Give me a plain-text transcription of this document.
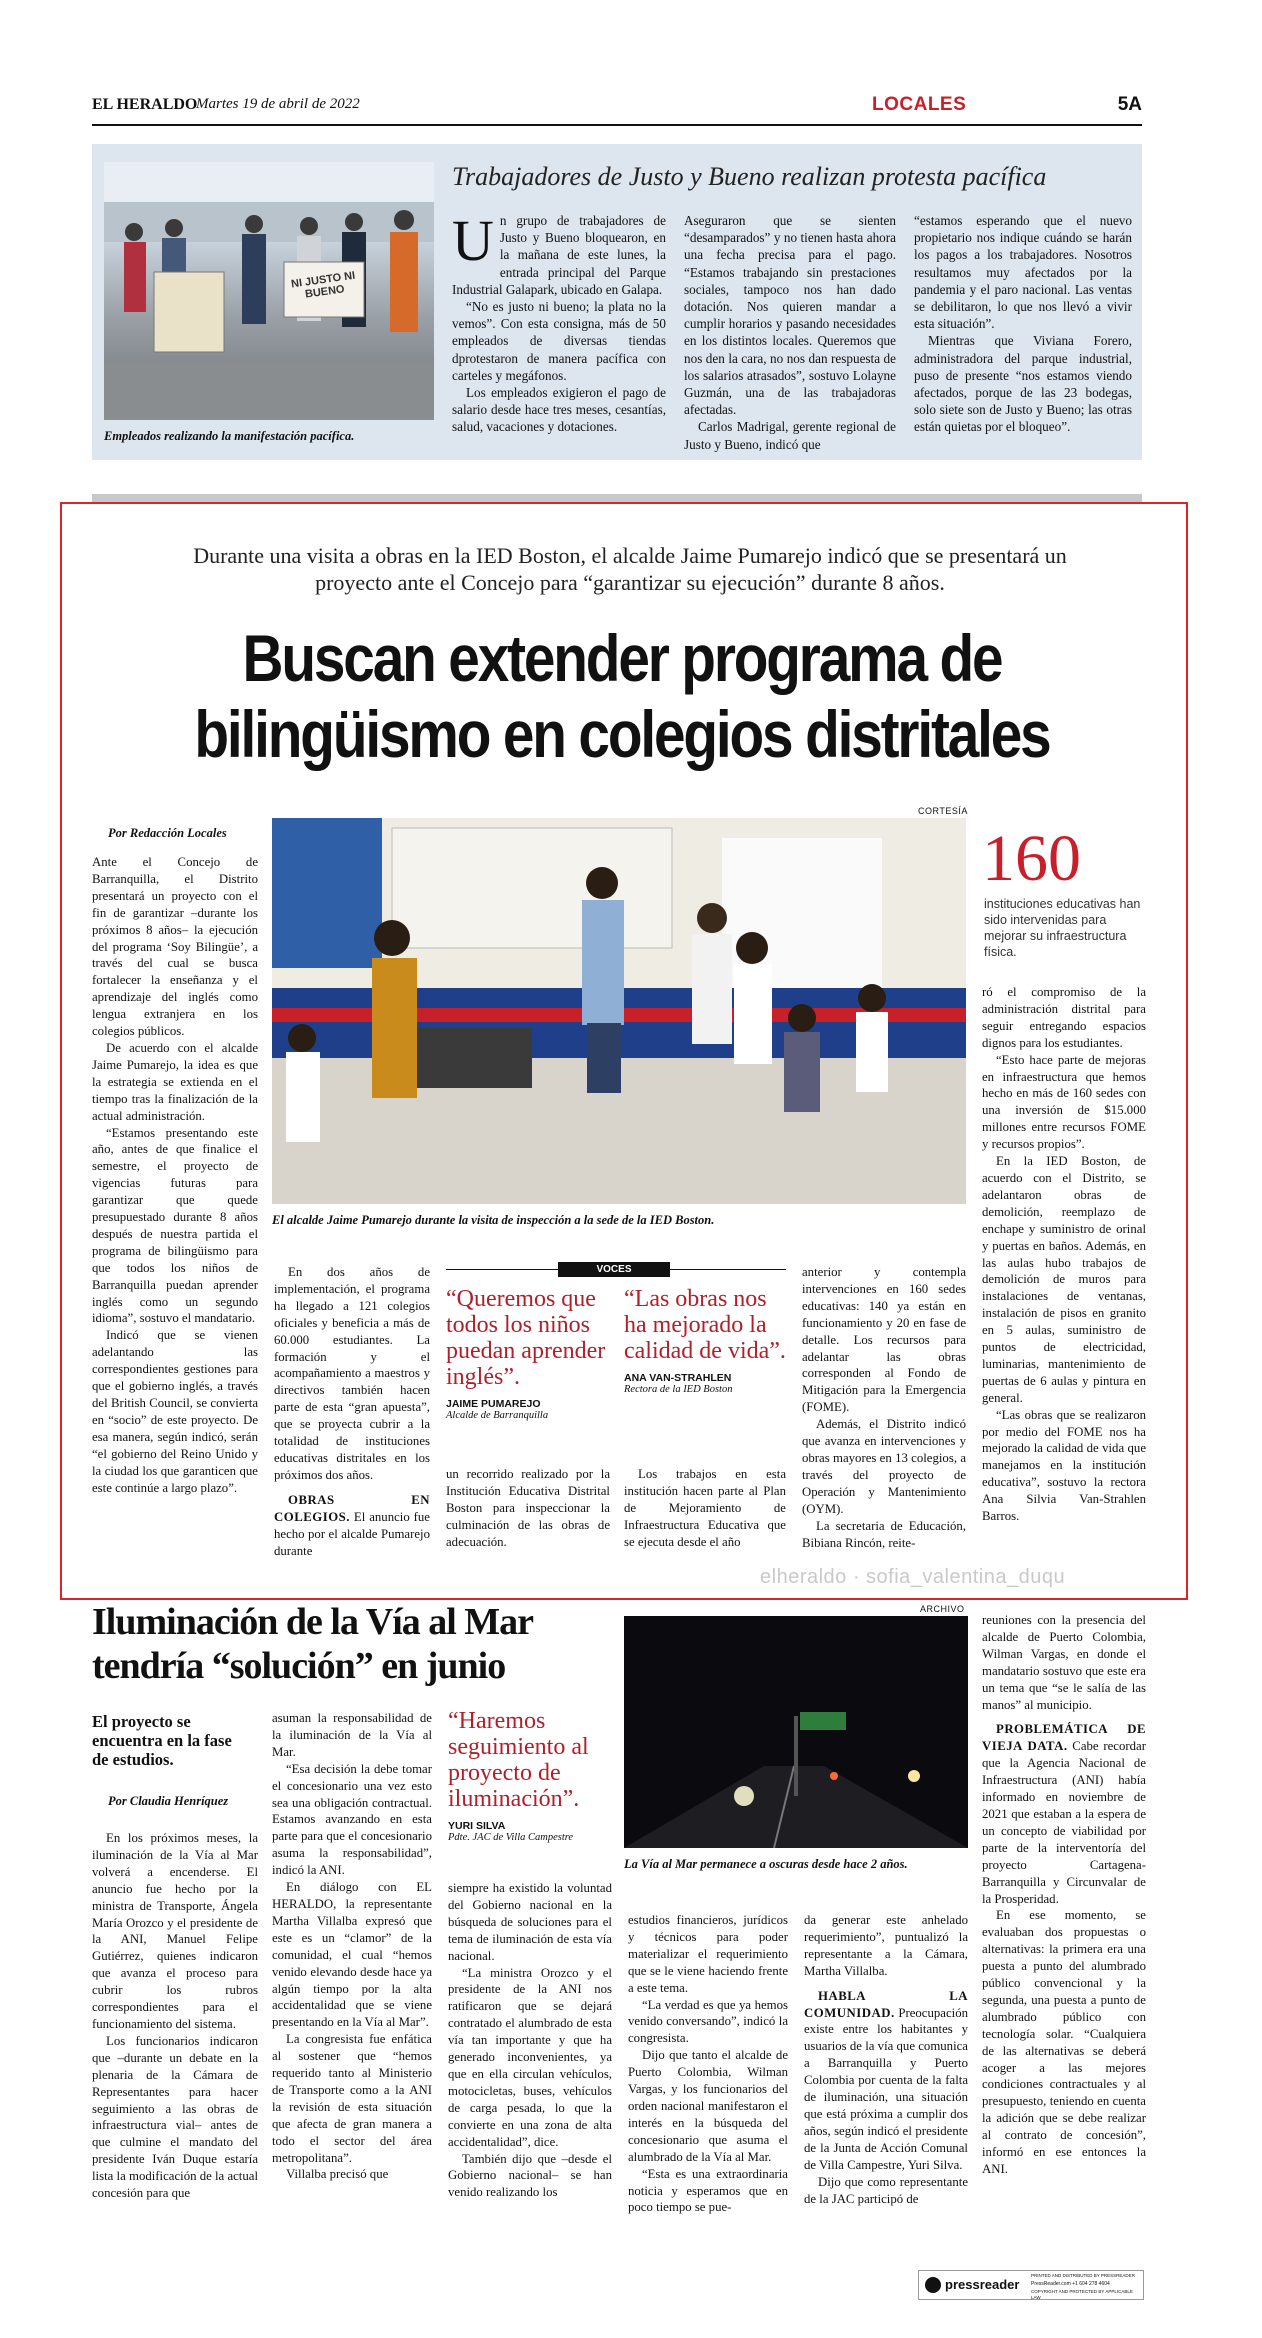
EL HERALDO
Martes 19 de abril de 2022	LOCALES	5A
NI JUSTO NI BUENO
Empleados realizando la manifestación pacífica.
Trabajadores de Justo y Bueno realizan protesta pacífica
U n grupo de trabajadores de Justo y Bueno bloquearon, en la mañana de este lunes, la entrada principal del Parque Industrial Galapark, ubicado en Galapa.

“No es justo ni bueno; la plata no la vemos”. Con esta consigna, más de 50 empleados de diversas tiendas dprotestaron de manera pacífica con carteles y megáfonos.

Los empleados exigieron el pago de salario desde hace tres meses, cesantías, salud, vacaciones y dotaciones.

Aseguraron que se sienten “desamparados” y no tienen hasta ahora una fecha precisa para el pago. “Estamos trabajando sin prestaciones sociales, tampoco nos han dado dotación. Nos quieren mandar a cumplir horarios y pasando necesidades en los distintos locales. Queremos que nos den la cara, no nos dan respuesta de los salarios atrasados”, sostuvo Lolayne Guzmán, una de las trabajadoras afectadas.

Carlos Madrigal, gerente regional de Justo y Bueno, indicó que

“estamos esperando que el nuevo propietario nos indique cuándo se harán los pagos a los trabajadores. Nosotros resultamos muy afectados por la pandemia y el paro nacional. Las ventas se debilitaron, lo que nos llevó a vivir esta situación”.

Mientras que Viviana Forero, administradora del parque industrial, puso de presente “nos estamos viendo afectados, porque de las 23 bodegas, solo siete son de Justo y Bueno; las otras están quietas por el bloqueo”.

Durante una visita a obras en la IED Boston, el alcalde Jaime Pumarejo indicó que se presentará un proyecto ante el Concejo para “garantizar su ejecución” durante 8 años.
Buscan extender programa de
bilingüismo en colegios distritales
Por Redacción Locales
CORTESÍA
El alcalde Jaime Pumarejo durante la visita de inspección a la sede de la IED Boston.
160
instituciones educativas han sido intervenidas para mejorar su infraestructura física.

Ante el Concejo de Barranquilla, el Distrito presentará un proyecto con el fin de garantizar –durante los próximos 8 años– la ejecución del programa ‘Soy Bilingüe’, a través del cual se busca fortalecer la enseñanza y el aprendizaje del inglés como lengua extranjera en los colegios públicos.

De acuerdo con el alcalde Jaime Pumarejo, la idea es que la estrategia se extienda en el tiempo tras la finalización de la actual administración.

“Estamos presentando este año, antes de que finalice el semestre, el proyecto de vigencias futuras para garantizar que quede presupuestado durante 8 años después de nuestra partida el programa de bilingüismo para que todos los niños de Barranquilla puedan aprender inglés como un segundo idioma”, sostuvo el mandatario.

Indicó que se vienen adelantando las correspondientes gestiones para que el gobierno inglés, a través del British Council, se convierta en “socio” de este proyecto. De esa manera, según indicó, serán “el gobierno del Reino Unido y la ciudad los que garanticen que este continúe a largo plazo”.

En dos años de implementación, el programa ha llegado a 121 colegios oficiales y beneficia a más de 60.000 estudiantes. La formación y el acompañamiento a maestros y directivos también hacen parte de esta “gran apuesta”, que se proyecta cubrir a la totalidad de instituciones educativas distritales en los próximos dos años.

OBRAS EN COLEGIOS. El anuncio fue hecho por el alcalde Pumarejo durante

VOCES
“Queremos que todos los niños puedan aprender inglés”.
JAIME PUMAREJO
Alcalde de Barranquilla
“Las obras nos ha mejorado la calidad de vida”.
ANA VAN-STRAHLEN
Rectora de la IED Boston

un recorrido realizado por la Institución Educativa Distrital Boston para inspeccionar la culminación de las obras de adecuación.

Los trabajos en esta institución hacen parte al Plan de Mejoramiento de Infraestructura Educativa que se ejecuta desde el año

anterior y contempla intervenciones en 160 sedes educativas: 140 ya están en funcionamiento y 20 en fase de detalle. Los recursos para adelantar las obras corresponden al Fondo de Mitigación para la Emergencia (FOME).

Además, el Distrito indicó que avanza en intervenciones y obras mayores en 13 colegios, a través del proyecto de Operación y Mantenimiento (OYM).

La secretaria de Educación, Bibiana Rincón, reite-

ró el compromiso de la administración distrital para seguir entregando espacios dignos para los estudiantes.

“Esto hace parte de mejoras en infraestructura que hemos hecho en más de 160 sedes con una inversión de $15.000 millones entre recursos FOME y recursos propios”.

En la IED Boston, de acuerdo con el Distrito, se adelantaron obras de demolición, reemplazo de enchape y suministro de orinal y puertas en baños. Además, en las aulas hubo trabajos de demolición de muros para instalaciones de ventanas, instalación de pisos en granito en 5 aulas, suministro de puntos de electricidad, luminarias, mantenimiento de puertas de 6 aulas y pintura en general.

“Las obras que se realizaron por medio del FOME nos ha mejorado la calidad de vida que manejamos en la institución educativa”, sostuvo la rectora Ana Silvia Van-Strahlen Barros.

elheraldo · sofia_valentina_duqu
Iluminación de la Vía al Mar
tendría “solución” en junio
El proyecto se encuentra en la fase de estudios.
Por Claudia Henríquez

En los próximos meses, la iluminación de la Vía al Mar volverá a encenderse. El anuncio fue hecho por la ministra de Transporte, Ángela María Orozco y el presidente de la ANI, Manuel Felipe Gutiérrez, quienes indicaron que avanza el proceso para cubrir los rubros correspondientes para el funcionamiento del sistema.

Los funcionarios indicaron que –durante un debate en la plenaria de la Cámara de Representantes para hacer seguimiento a las obras de infraestructura vial– antes de que culmine el mandato del presidente Iván Duque estaría lista la modificación de la actual concesión para que

asuman la responsabilidad de la iluminación de la Vía al Mar.

“Esa decisión la debe tomar el concesionario una vez esto sea una obligación contractual. Estamos avanzando en esta parte para que el concesionario asuma la responsabilidad”, indicó la ANI.

En diálogo con EL HERALDO, la representante Martha Villalba expresó que este es un “clamor” de la comunidad, el cual “hemos venido elevando desde hace ya algún tiempo por la alta accidentalidad que se viene presentando en la Vía al Mar”.

La congresista fue enfática al sostener que “hemos requerido tanto al Ministerio de Transporte como a la ANI la revisión de esta situación que afecta de gran manera a todo el sector del área metropolitana”.

Villalba precisó que

“Haremos seguimiento al proyecto de iluminación”.
YURI SILVA
Pdte. JAC de Villa Campestre
ARCHIVO
La Vía al Mar permanece a oscuras desde hace 2 años.

siempre ha existido la voluntad del Gobierno nacional en la búsqueda de soluciones para el tema de iluminación de esta vía nacional.

“La ministra Orozco y el presidente de la ANI nos ratificaron que se dejará contratado el alumbrado de esta vía tan importante y que ha generado inconvenientes, ya que en ella circulan vehículos, motocicletas, buses, vehículos de carga pesada, lo que la convierte en una zona de alta accidentalidad”, dice.

También dijo que –desde el Gobierno nacional– se han venido realizando los

estudios financieros, jurídicos y técnicos para poder materializar el requerimiento que se le viene haciendo frente a este tema.

“La verdad es que ya hemos venido conversando”, indicó la congresista.

Dijo que tanto el alcalde de Puerto Colombia, Wilman Vargas, y los funcionarios del orden nacional manifestaron el interés en la búsqueda del concesionario que asuma el alumbrado de la Vía al Mar.

“Esta es una extraordinaria noticia y esperamos que en poco tiempo se pue-

da generar este anhelado requerimiento”, puntualizó la representante a la Cámara, Martha Villalba.

HABLA LA COMUNIDAD. Preocupación existe entre los habitantes y usuarios de la vía que comunica a Barranquilla y Puerto Colombia por cuenta de la falta de iluminación, una situación que está próxima a cumplir dos años, según indicó el presidente de la Junta de Acción Comunal de Villa Campestre, Yuri Silva.

Dijo que como representante de la JAC participó de

reuniones con la presencia del alcalde de Puerto Colombia, Wilman Vargas, en donde el mandatario sostuvo que este era un tema que “se le salía de las manos” al municipio.

PROBLEMÁTICA DE VIEJA DATA. Cabe recordar que la Agencia Nacional de Infraestructura (ANI) había informado en noviembre de 2021 que estaban a la espera de un concepto de viabilidad por parte de la interventoría del proyecto Cartagena-Barranquilla y Circunvalar de la Prosperidad.

En ese momento, se evaluaban dos propuestas o alternativas: la primera era una puesta a punto del alumbrado público convencional y la segunda, una puesta a punto de alumbrado público con tecnología solar. “Cualquiera de las alternativas se deberá acoger a las mejores condiciones contractuales y al presupuesto, teniendo en cuenta la adición que se debe realizar al contrato de concesión”, informó en ese entonces la ANI.

pressreader
PRINTED AND DISTRIBUTED BY PRESSREADER
PressReader.com +1 604 278 4604
COPYRIGHT AND PROTECTED BY APPLICABLE LAW
